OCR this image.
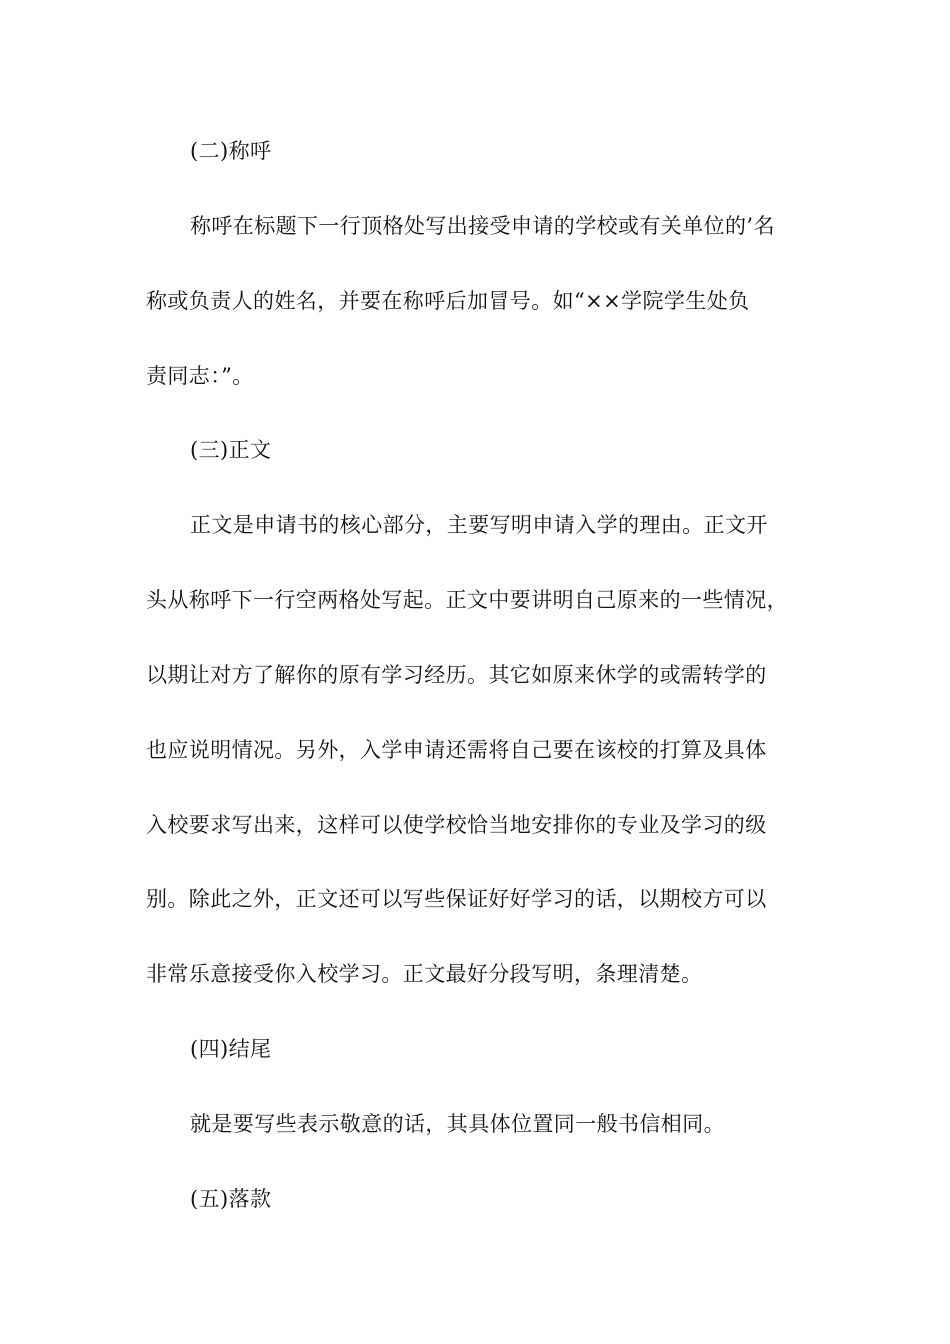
(二)称呼
称呼在标题下一行顶格处写出接受申请的学校或有关单位的’名
称或负责人的姓名，并要在称呼后加冒号。如“××学院学生处负
责同志：”。
(三)正文
正文是申请书的核心部分，主要写明申请入学的理由。正文开
头从称呼下一行空两格处写起。正文中要讲明自己原来的一些情况，
以期让对方了解你的原有学习经历。其它如原来休学的或需转学的
也应说明情况。另外，入学申请还需将自己要在该校的打算及具体
入校要求写出来，这样可以使学校恰当地安排你的专业及学习的级
别。除此之外，正文还可以写些保证好好学习的话，以期校方可以
非常乐意接受你入校学习。正文最好分段写明，条理清楚。
(四)结尾
就是要写些表示敬意的话，其具体位置同一般书信相同。
(五)落款
